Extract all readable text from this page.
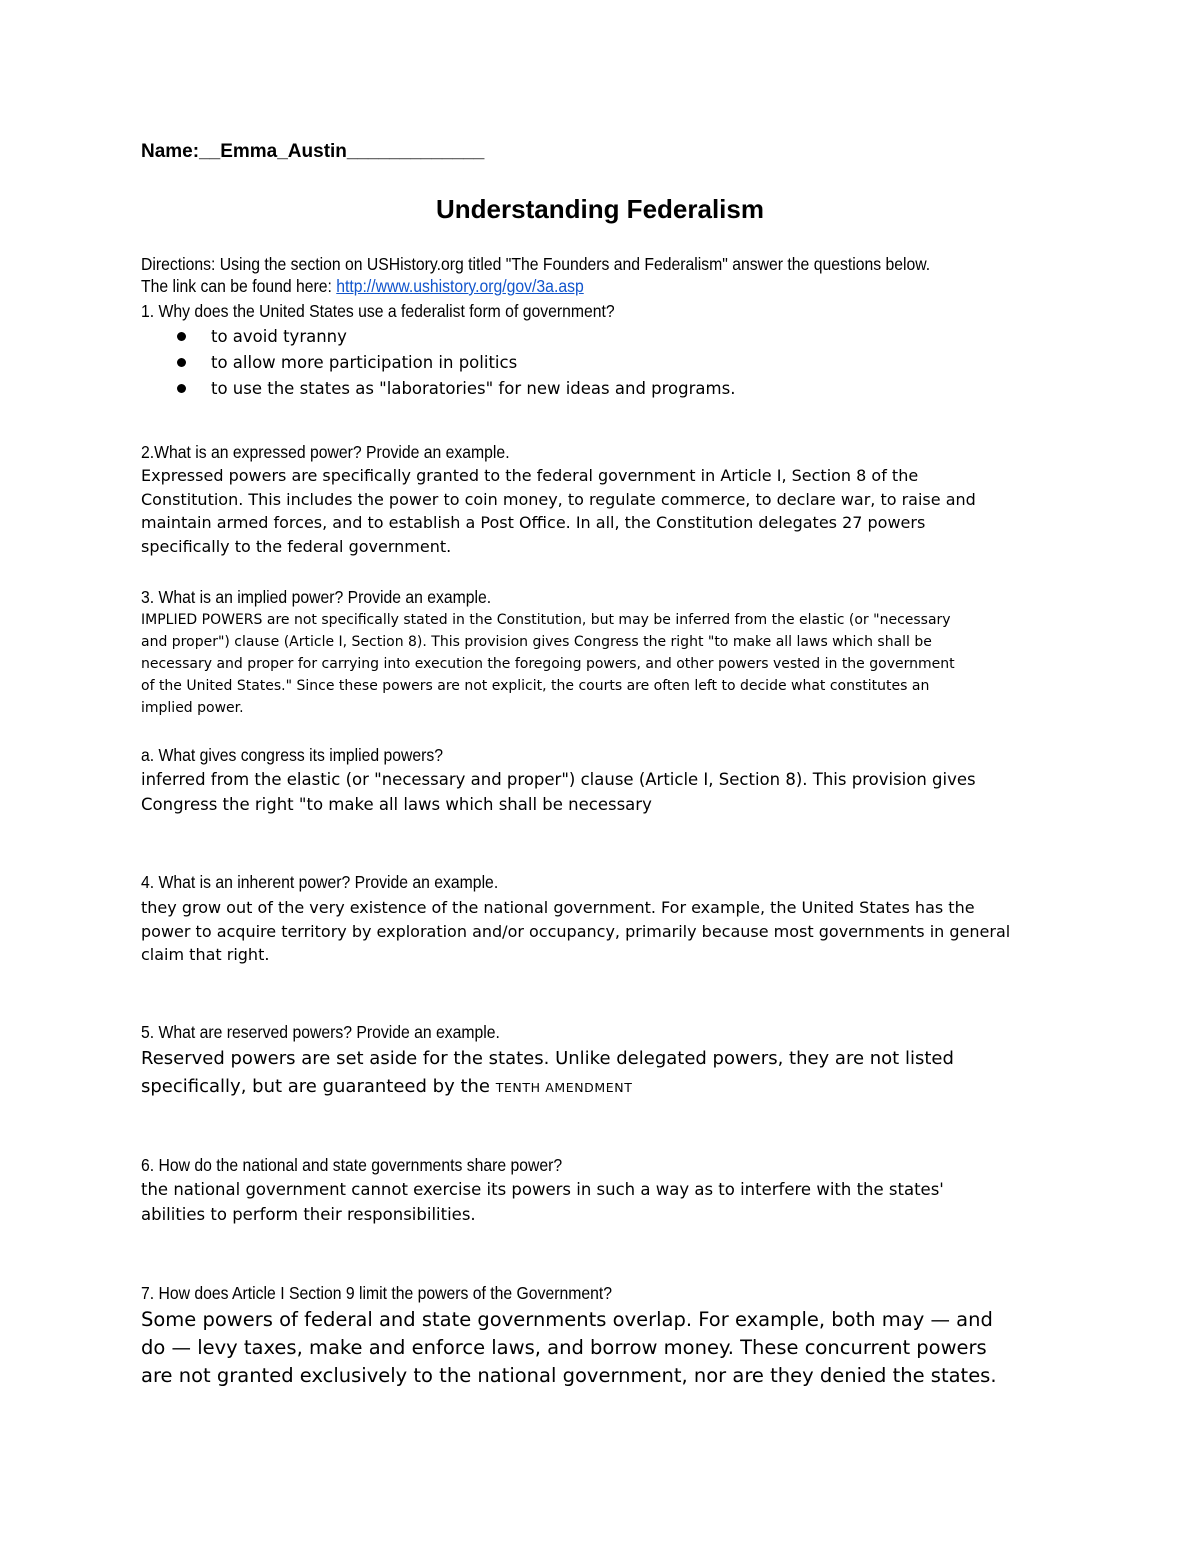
Name:__Emma_Austin_____________
Understanding Federalism
Directions: Using the section on USHistory.org titled "The Founders and Federalism" answer the questions below.
The link can be found here: http://www.ushistory.org/gov/3a.asp
1. Why does the United States use a federalist form of government?
to avoid tyranny
to allow more participation in politics
to use the states as "laboratories" for new ideas and programs.
2.What is an expressed power? Provide an example.
Expressed powers are specifically granted to the federal government in Article I, Section 8 of the
Constitution. This includes the power to coin money, to regulate commerce, to declare war, to raise and
maintain armed forces, and to establish a Post Office. In all, the Constitution delegates 27 powers
specifically to the federal government.
3. What is an implied power? Provide an example.
IMPLIED POWERS are not specifically stated in the Constitution, but may be inferred from the elastic (or "necessary
and proper") clause (Article I, Section 8). This provision gives Congress the right "to make all laws which shall be
necessary and proper for carrying into execution the foregoing powers, and other powers vested in the government
of the United States." Since these powers are not explicit, the courts are often left to decide what constitutes an
implied power.
a. What gives congress its implied powers?
inferred from the elastic (or "necessary and proper") clause (Article I, Section 8). This provision gives
Congress the right "to make all laws which shall be necessary
4. What is an inherent power? Provide an example.
they grow out of the very existence of the national government. For example, the United States has the
power to acquire territory by exploration and/or occupancy, primarily because most governments in general
claim that right.
5. What are reserved powers? Provide an example.
Reserved powers are set aside for the states. Unlike delegated powers, they are not listed
specifically, but are guaranteed by the TENTH AMENDMENT
6. How do the national and state governments share power?
the national government cannot exercise its powers in such a way as to interfere with the states'
abilities to perform their responsibilities.
7. How does Article I Section 9 limit the powers of the Government?
Some powers of federal and state governments overlap. For example, both may — and
do — levy taxes, make and enforce laws, and borrow money. These concurrent powers
are not granted exclusively to the national government, nor are they denied the states.
